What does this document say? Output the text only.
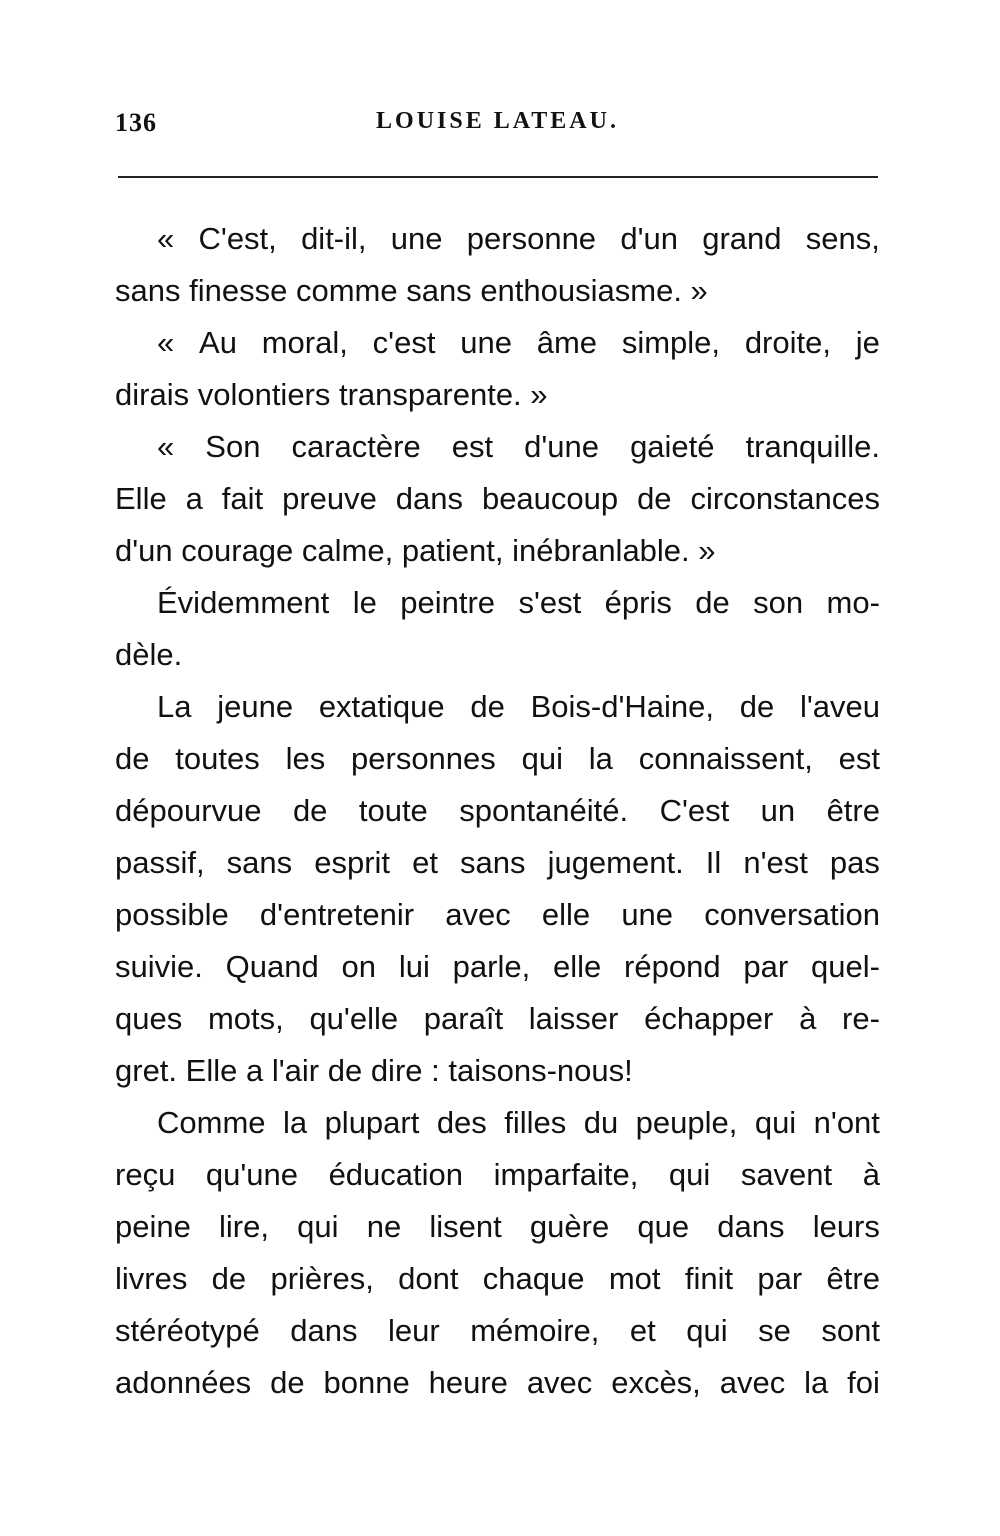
136	LOUISE LATEAU.
« C'est, dit-il, une personne d'un grand sens,
sans finesse comme sans enthousiasme. »
« Au moral, c'est une âme simple, droite, je
dirais volontiers transparente. »
« Son caractère est d'une gaieté tranquille.
Elle a fait preuve dans beaucoup de circonstances
d'un courage calme, patient, inébranlable. »
Évidemment le peintre s'est épris de son mo-
dèle.
La jeune extatique de Bois-d'Haine, de l'aveu
de toutes les personnes qui la connaissent, est
dépourvue de toute spontanéité. C'est un être
passif, sans esprit et sans jugement. Il n'est pas
possible d'entretenir avec elle une conversation
suivie. Quand on lui parle, elle répond par quel-
ques mots, qu'elle paraît laisser échapper à re-
gret. Elle a l'air de dire : taisons-nous!
Comme la plupart des filles du peuple, qui n'ont
reçu qu'une éducation imparfaite, qui savent à
peine lire, qui ne lisent guère que dans leurs
livres de prières, dont chaque mot finit par être
stéréotypé dans leur mémoire, et qui se sont
adonnées de bonne heure avec excès, avec la foi
